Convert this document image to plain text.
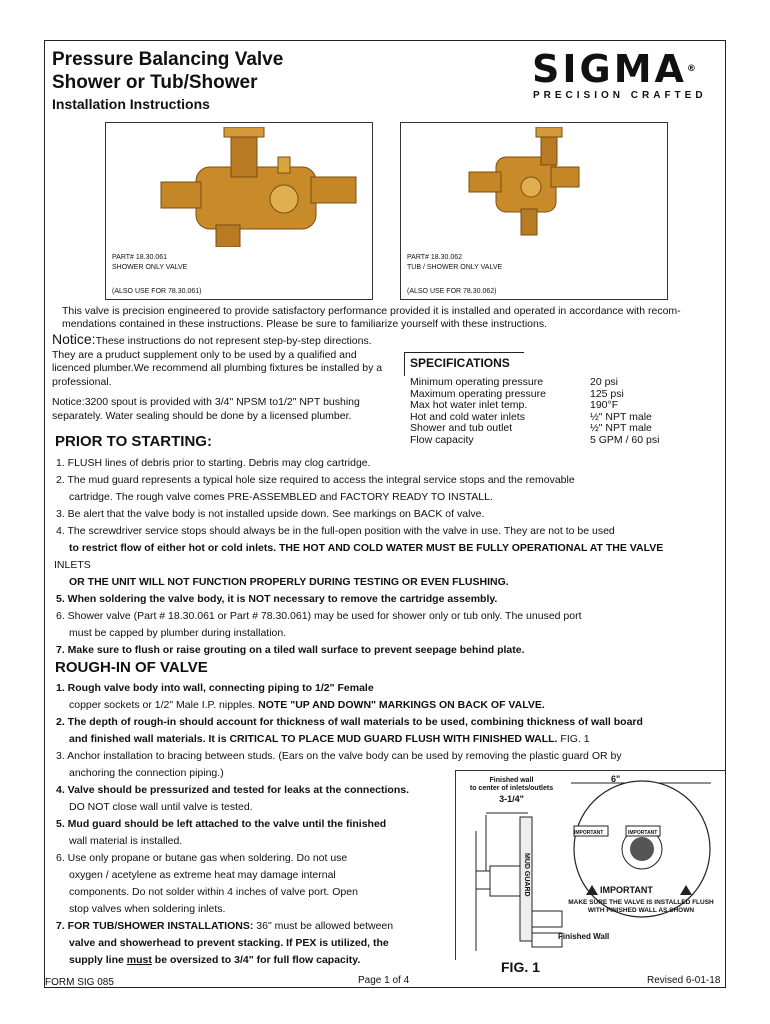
Pressure Balancing Valve
Shower or Tub/Shower
Installation Instructions
SIGMA®
PRECISION CRAFTED
PART# 18.30.061
SHOWER ONLY VALVE
(ALSO USE FOR 78.30.061)
PART# 18.30.062
TUB / SHOWER ONLY VALVE
(ALSO USE FOR 78.30.062)
This valve is precision engineered to provide satisfactory performance provided it is installed and operated in accordance with recom-mendations contained in these instructions. Please be sure to familiarize yourself with these instructions.
Notice:These instructions do not represent step-by-step directions. They are a pruduct supplement only to be used by a qualified and licenced plumber.We recommend all plumbing fixtures be installed by a professional.
Notice:3200 spout is provided with 3/4" NPSM to1/2" NPT bushing separately. Water sealing should be done by a licensed plumber.
SPECIFICATIONS
Minimum operating pressure	20 psi
Maximum operating pressure	125 psi
Max hot water inlet temp.	190°F
Hot and cold water inlets	½" NPT male
Shower and tub outlet	½" NPT male
Flow capacity	5 GPM / 60 psi
PRIOR TO STARTING:
1. FLUSH lines of debris prior to starting. Debris may clog cartridge.
2. The mud guard represents a typical hole size required to access the integral service stops and the removable
cartridge. The rough valve comes PRE-ASSEMBLED and FACTORY READY TO INSTALL.
3. Be alert that the valve body is not installed upside down. See markings on BACK of valve.
4. The screwdriver service stops should always be in the full-open position with the valve in use. They are not to be used
to restrict flow of either hot or cold inlets. THE HOT AND COLD WATER MUST BE FULLY OPERATIONAL AT THE VALVE
INLETS
OR THE UNIT WILL NOT FUNCTION PROPERLY DURING TESTING OR EVEN FLUSHING.
5. When soldering the valve body, it is NOT necessary to remove the cartridge assembly.
6. Shower valve (Part # 18.30.061 or Part # 78.30.061) may be used for shower only or tub only. The unused port
must be capped by plumber during installation.
7. Make sure to flush or raise grouting on a tiled wall surface to prevent seepage behind plate.
ROUGH-IN OF VALVE
1. Rough valve body into wall, connecting piping to 1/2" Female
copper sockets or 1/2" Male I.P. nipples. NOTE "UP AND DOWN" MARKINGS ON BACK OF VALVE.
2. The depth of rough-in should account for thickness of wall materials to be used, combining thickness of wall board
and finished wall materials. It is CRITICAL TO PLACE MUD GUARD FLUSH WITH FINISHED WALL. FIG. 1
3. Anchor installation to bracing between studs. (Ears on the valve body can be used by removing the plastic guard OR by
anchoring the connection piping.)
4. Valve should be pressurized and tested for leaks at the connections.
DO NOT close wall until valve is tested.
5. Mud guard should be left attached to the valve until the finished
wall material is installed.
6. Use only propane or butane gas when soldering. Do not use
oxygen / acetylene as extreme heat may damage internal
components. Do not solder within 4 inches of valve port. Open
stop valves when soldering inlets.
7. FOR TUB/SHOWER INSTALLATIONS: 36" must be allowed between
valve and showerhead to prevent stacking. If PEX is utilized, the
supply line must be oversized to 3/4" for full flow capacity.
Finished wall
to center of inlets/outlets
3-1/4"
6"
MUD GUARD
IMPORTANT	IMPORTANT
IMPORTANT
MAKE SURE THE VALVE IS INSTALLED FLUSH WITH FINISHED WALL AS SHOWN
Finished Wall
FIG. 1
FORM SIG 085	Page 1 of 4	Revised 6-01-18
